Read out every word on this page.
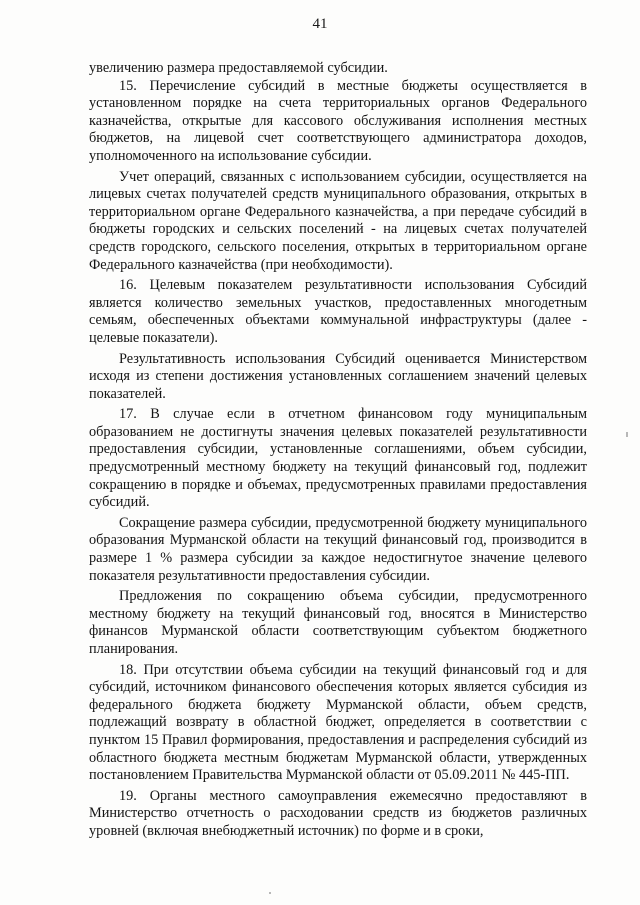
41

увеличению размера предоставляемой субсидии.

15. Перечисление субсидий в местные бюджеты осуществляется в установленном порядке на счета территориальных органов Федерального казначейства, открытые для кассового обслуживания исполнения местных бюджетов, на лицевой счет соответствующего администратора доходов, уполномоченного на использование субсидии.

Учет операций, связанных с использованием субсидии, осуществляется на лицевых счетах получателей средств муниципального образования, открытых в территориальном органе Федерального казначейства, а при передаче субсидий в бюджеты городских и сельских поселений - на лицевых счетах получателей средств городского, сельского поселения, открытых в территориальном органе Федерального казначейства (при необходимости).

16. Целевым показателем результативности использования Субсидий является количество земельных участков, предоставленных многодетным семьям, обеспеченных объектами коммунальной инфраструктуры (далее - целевые показатели).

Результативность использования Субсидий оценивается Министерством исходя из степени достижения установленных соглашением значений целевых показателей.

17. В случае если в отчетном финансовом году муниципальным образованием не достигнуты значения целевых показателей результативности предоставления субсидии, установленные соглашениями, объем субсидии, предусмотренный местному бюджету на текущий финансовый год, подлежит сокращению в порядке и объемах, предусмотренных правилами предоставления субсидий.

Сокращение размера субсидии, предусмотренной бюджету муниципального образования Мурманской области на текущий финансовый год, производится в размере 1 % размера субсидии за каждое недостигнутое значение целевого показателя результативности предоставления субсидии.

Предложения по сокращению объема субсидии, предусмотренного местному бюджету на текущий финансовый год, вносятся в Министерство финансов Мурманской области соответствующим субъектом бюджетного планирования.

18. При отсутствии объема субсидии на текущий финансовый год и для субсидий, источником финансового обеспечения которых является субсидия из федерального бюджета бюджету Мурманской области, объем средств, подлежащий возврату в областной бюджет, определяется в соответствии с пунктом 15 Правил формирования, предоставления и распределения субсидий из областного бюджета местным бюджетам Мурманской области, утвержденных постановлением Правительства Мурманской области от 05.09.2011 № 445-ПП.

19. Органы местного самоуправления ежемесячно предоставляют в Министерство отчетность о расходовании средств из бюджетов различных уровней (включая внебюджетный источник) по форме и в сроки,
